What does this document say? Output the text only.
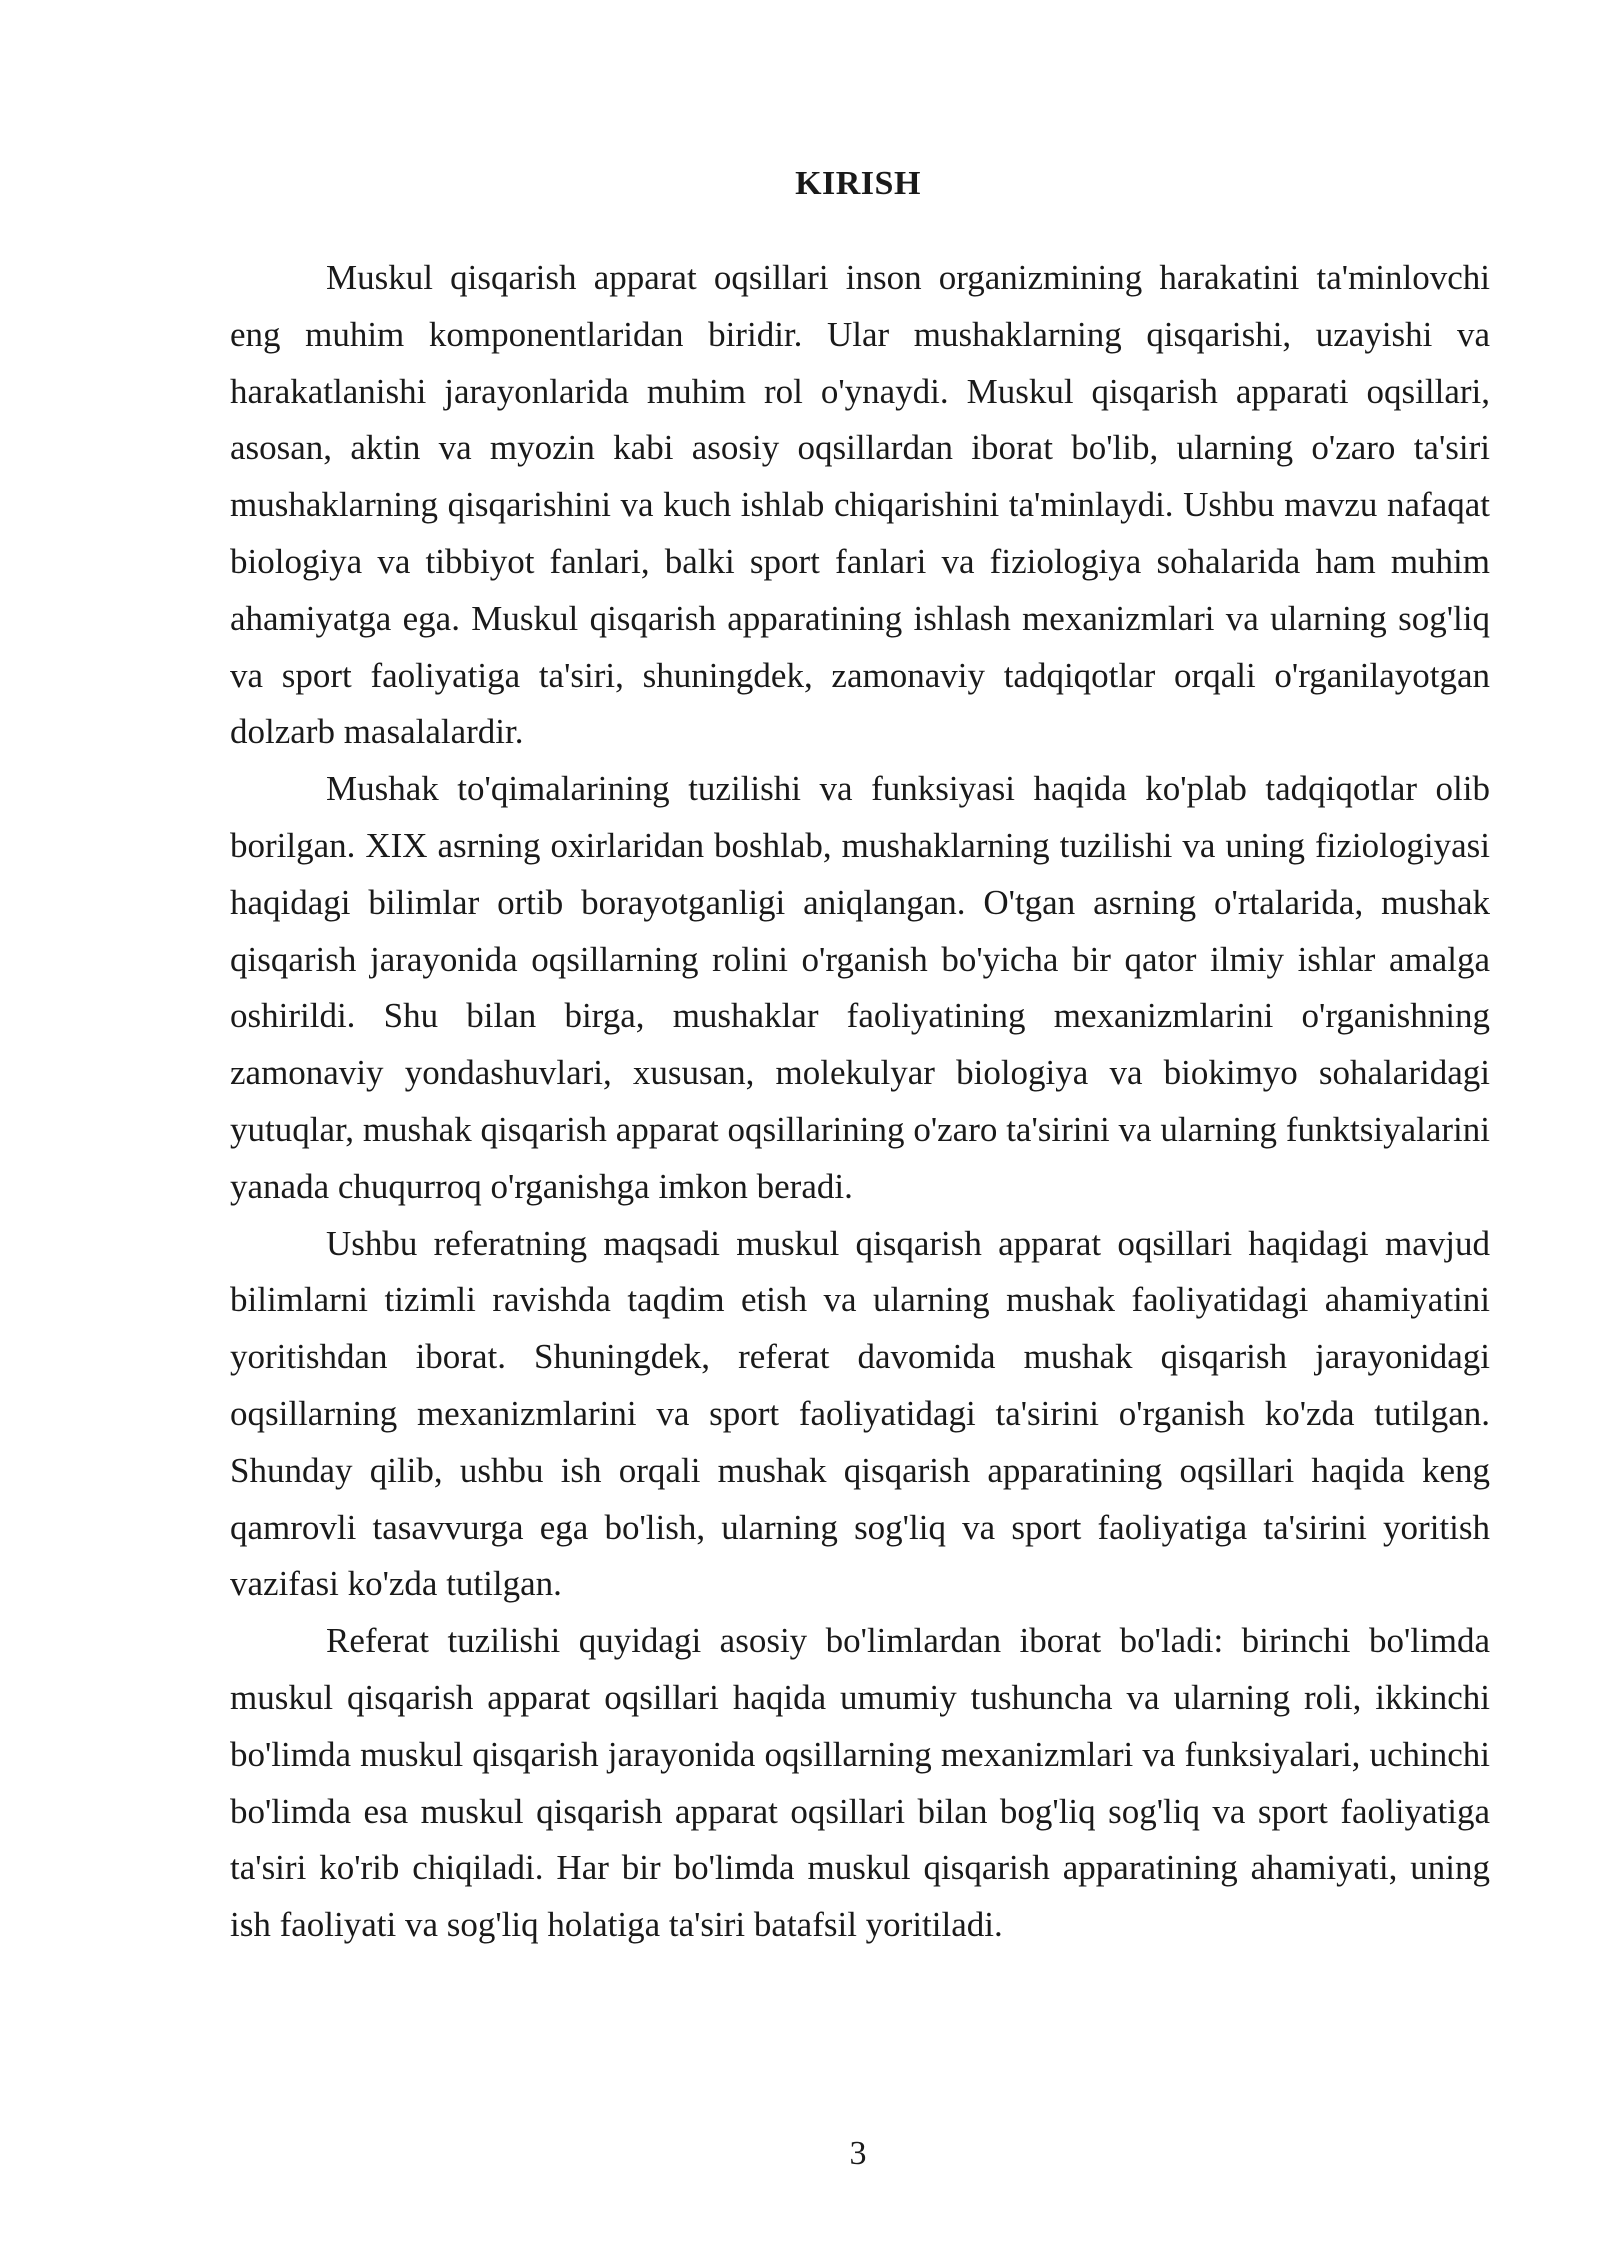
KIRISH

Muskul qisqarish apparat oqsillari inson organizmining harakatini ta'minlovchi eng muhim komponentlaridan biridir. Ular mushaklarning qisqarishi, uzayishi va harakatlanishi jarayonlarida muhim rol o'ynaydi. Muskul qisqarish apparati oqsillari, asosan, aktin va myozin kabi asosiy oqsillardan iborat bo'lib, ularning o'zaro ta'siri mushaklarning qisqarishini va kuch ishlab chiqarishini ta'minlaydi. Ushbu mavzu nafaqat biologiya va tibbiyot fanlari, balki sport fanlari va fiziologiya sohalarida ham muhim ahamiyatga ega. Muskul qisqarish apparatining ishlash mexanizmlari va ularning sog'liq va sport faoliyatiga ta'siri, shuningdek, zamonaviy tadqiqotlar orqali o'rganilayotgan dolzarb masalalardir.

Mushak to'qimalarining tuzilishi va funksiyasi haqida ko'plab tadqiqotlar olib borilgan. XIX asrning oxirlaridan boshlab, mushaklarning tuzilishi va uning fiziologiyasi haqidagi bilimlar ortib borayotganligi aniqlangan. O'tgan asrning o'rtalarida, mushak qisqarish jarayonida oqsillarning rolini o'rganish bo'yicha bir qator ilmiy ishlar amalga oshirildi. Shu bilan birga, mushaklar faoliyatining mexanizmlarini o'rganishning zamonaviy yondashuvlari, xususan, molekulyar biologiya va biokimyo sohalaridagi yutuqlar, mushak qisqarish apparat oqsillarining o'zaro ta'sirini va ularning funktsiyalarini yanada chuqurroq o'rganishga imkon beradi.

Ushbu referatning maqsadi muskul qisqarish apparat oqsillari haqidagi mavjud bilimlarni tizimli ravishda taqdim etish va ularning mushak faoliyatidagi ahamiyatini yoritishdan iborat. Shuningdek, referat davomida mushak qisqarish jarayonidagi oqsillarning mexanizmlarini va sport faoliyatidagi ta'sirini o'rganish ko'zda tutilgan. Shunday qilib, ushbu ish orqali mushak qisqarish apparatining oqsillari haqida keng qamrovli tasavvurga ega bo'lish, ularning sog'liq va sport faoliyatiga ta'sirini yoritish vazifasi ko'zda tutilgan.

Referat tuzilishi quyidagi asosiy bo'limlardan iborat bo'ladi: birinchi bo'limda muskul qisqarish apparat oqsillari haqida umumiy tushuncha va ularning roli, ikkinchi bo'limda muskul qisqarish jarayonida oqsillarning mexanizmlari va funksiyalari, uchinchi bo'limda esa muskul qisqarish apparat oqsillari bilan bog'liq sog'liq va sport faoliyatiga ta'siri ko'rib chiqiladi. Har bir bo'limda muskul qisqarish apparatining ahamiyati, uning ish faoliyati va sog'liq holatiga ta'siri batafsil yoritiladi.

3
